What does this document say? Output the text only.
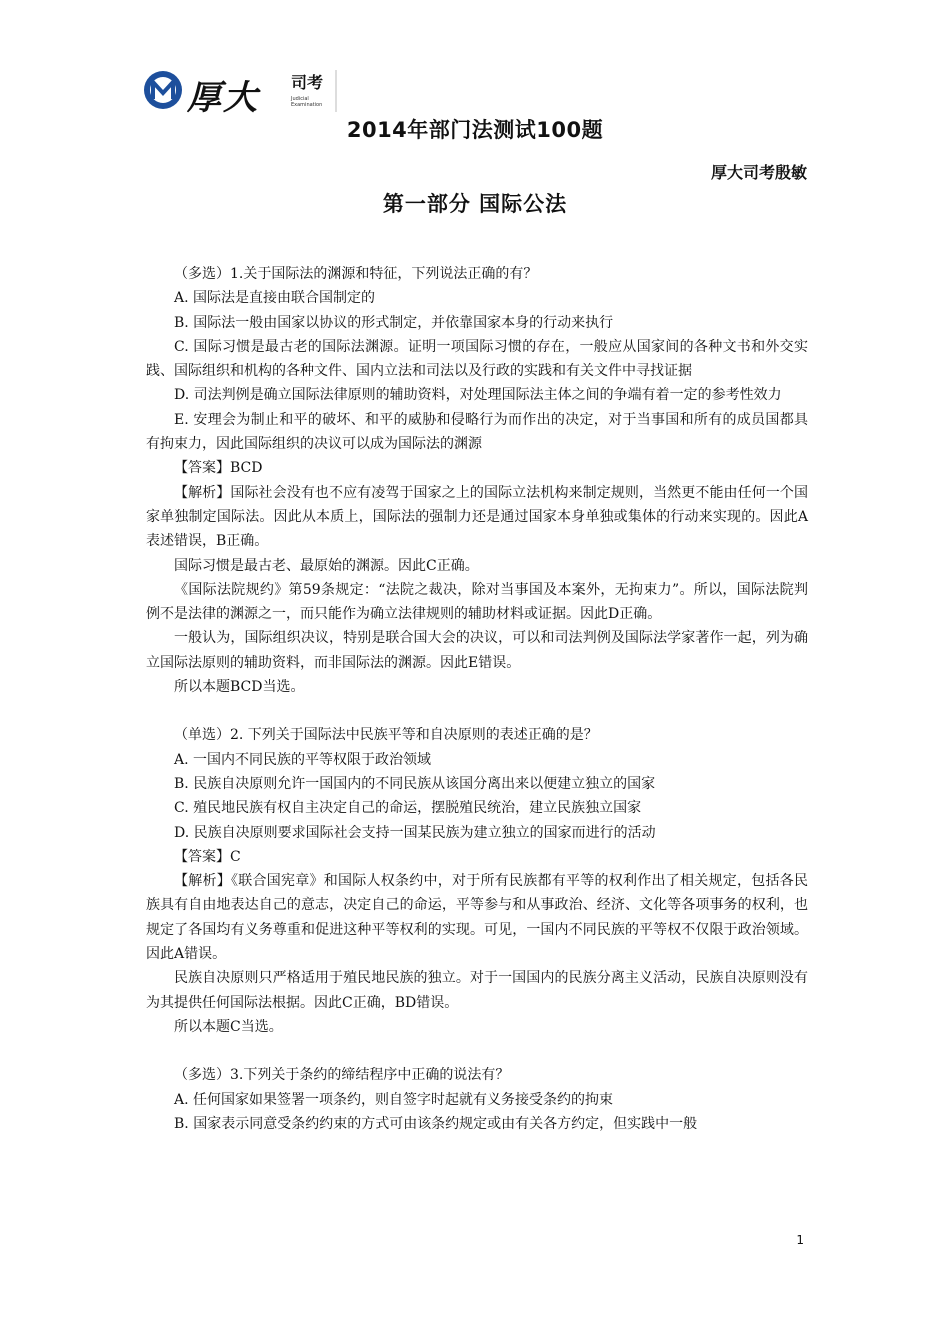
厚大 司考
Judicial Examination
2014年部门法测试100题
厚大司考殷敏
第一部分 国际公法

（多选）1.关于国际法的渊源和特征，下列说法正确的有？

A. 国际法是直接由联合国制定的

B. 国际法一般由国家以协议的形式制定，并依靠国家本身的行动来执行

C. 国际习惯是最古老的国际法渊源。证明一项国际习惯的存在，一般应从国家间的各种文书和外交实践、国际组织和机构的各种文件、国内立法和司法以及行政的实践和有关文件中寻找证据

D. 司法判例是确立国际法律原则的辅助资料，对处理国际法主体之间的争端有着一定的参考性效力

E. 安理会为制止和平的破坏、和平的威胁和侵略行为而作出的决定，对于当事国和所有的成员国都具有拘束力，因此国际组织的决议可以成为国际法的渊源

【答案】BCD

【解析】国际社会没有也不应有凌驾于国家之上的国际立法机构来制定规则，当然更不能由任何一个国家单独制定国际法。因此从本质上，国际法的强制力还是通过国家本身单独或集体的行动来实现的。因此A表述错误，B正确。

国际习惯是最古老、最原始的渊源。因此C正确。

《国际法院规约》第59条规定：“法院之裁决，除对当事国及本案外，无拘束力”。所以，国际法院判例不是法律的渊源之一，而只能作为确立法律规则的辅助材料或证据。因此D正确。

一般认为，国际组织决议，特别是联合国大会的决议，可以和司法判例及国际法学家著作一起，列为确立国际法原则的辅助资料，而非国际法的渊源。因此E错误。

所以本题BCD当选。

（单选）2. 下列关于国际法中民族平等和自决原则的表述正确的是？

A. 一国内不同民族的平等权限于政治领域

B. 民族自决原则允许一国国内的不同民族从该国分离出来以便建立独立的国家

C. 殖民地民族有权自主决定自己的命运，摆脱殖民统治，建立民族独立国家

D. 民族自决原则要求国际社会支持一国某民族为建立独立的国家而进行的活动

【答案】C

【解析】《联合国宪章》和国际人权条约中，对于所有民族都有平等的权利作出了相关规定，包括各民族具有自由地表达自己的意志，决定自己的命运，平等参与和从事政治、经济、文化等各项事务的权利，也规定了各国均有义务尊重和促进这种平等权利的实现。可见，一国内不同民族的平等权不仅限于政治领域。因此A错误。

民族自决原则只严格适用于殖民地民族的独立。对于一国国内的民族分离主义活动，民族自决原则没有为其提供任何国际法根据。因此C正确，BD错误。

所以本题C当选。

（多选）3.下列关于条约的缔结程序中正确的说法有？

A. 任何国家如果签署一项条约，则自签字时起就有义务接受条约的拘束

B. 国家表示同意受条约约束的方式可由该条约规定或由有关各方约定，但实践中一般

1
